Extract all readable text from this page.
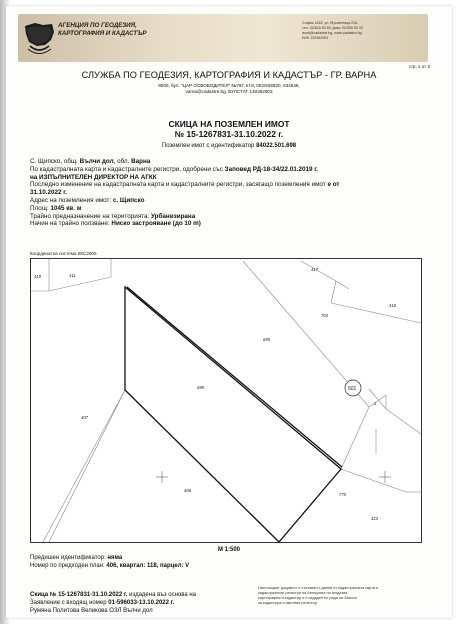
АГЕНЦИЯ ПО ГЕОДЕЗИЯ,
КАРТОГРАФИЯ И КАДАСТЪР
София 1618, ул. Мусагеница 21А
тел. 02/818 83 83, факс 02/955 53 33
acad@cadastre.bg, www.cadastre.bg
ЕИК 130362903
стр. 1 от 2
СЛУЖБА ПО ГЕОДЕЗИЯ, КАРТОГРАФИЯ И КАДАСТЪР - ГР. ВАРНА
9000, бул. "ЦАР ОСВОБОДИТЕЛ" №76Г, ет.8, 052/635920, 634638,
varna@cadastre.bg, БУЛСТАТ 130362903
СКИЦА НА ПОЗЕМЛЕН ИМОТ
№ 15-1267831-31.10.2022 г.
Поземлен имот с идентификатор 84022.501.698
С. Щипско, общ. Вълчи дол, обл. Варна
По кадастралната карта и кадастралните регистри, одобрени със Заповед РД-18-34/22.01.2019 г.
на ИЗПЪЛНИТЕЛЕН ДИРЕКТОР НА АГКК
Последно изменение на кадастралната карта и кадастралните регистри, засягащо поземления имот е от
31.10.2022 г.
Адрес на поземления имот: с. Щипско
Площ: 1045 кв. м
Трайно предназначение на територията: Урбанизирана
Начин на трайно ползване: Ниско застрояване (до 10 m)
Координатна система ККС2005
419	411
417
695
704
418
698
407
406
775
423
501
1
М 1:500
Предишен идентификатор: няма
Номер по предходен план: 406, квартал: 118, парцел: V
Скица № 15-1267831-31.10.2022 г. издадена въз основа на
Заявление с входящ номер 01-596033-13.10.2022 г.
Румяна Политова Великова ОЗЛ Вълчи дол
Настоящият документ е съставен с данни от кадастралната карта и
кадастралните регистри на Агенцията по геодезия,
картография и кадастър и е издаден по реда на Закона
за кадастъра и имотния регистър
